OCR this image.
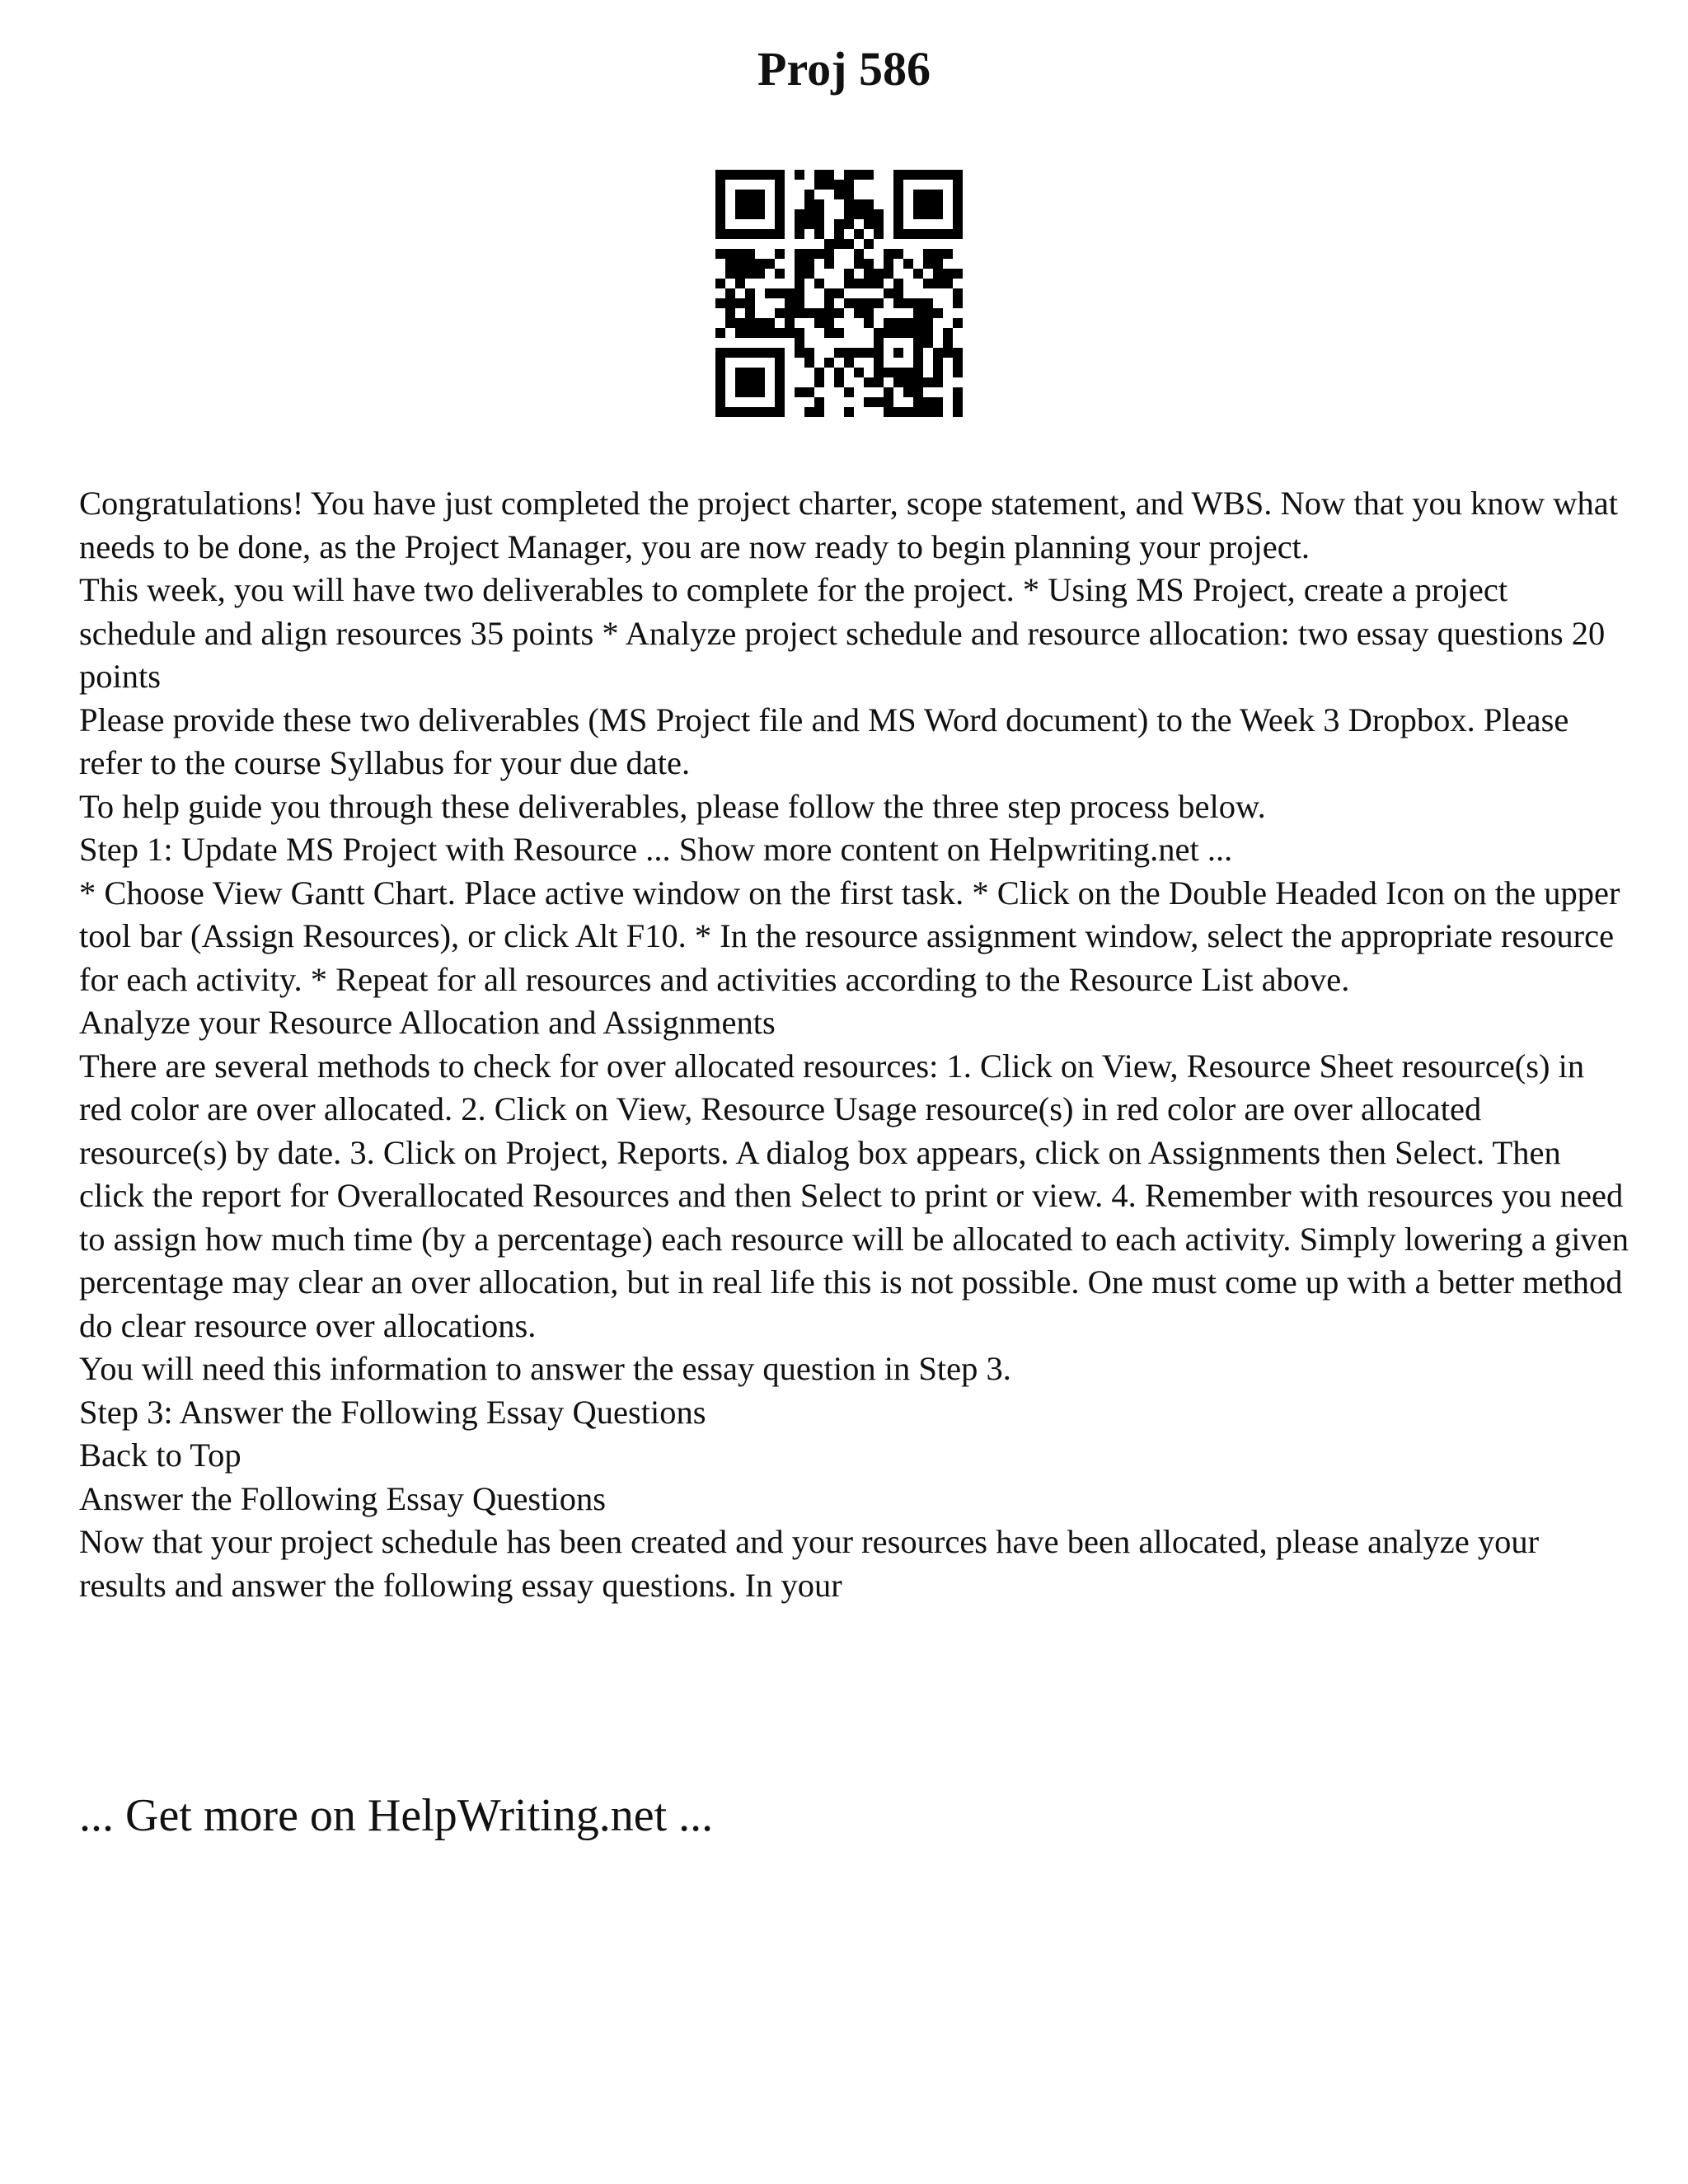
Proj 586

Congratulations! You have just completed the project charter, scope statement, and WBS. Now that you know what needs to be done, as the Project Manager, you are now ready to begin planning your project.

This week, you will have two deliverables to complete for the project. * Using MS Project, create a project schedule and align resources 35 points * Analyze project schedule and resource allocation: two essay questions 20 points

Please provide these two deliverables (MS Project file and MS Word document) to the Week 3 Dropbox. Please refer to the course Syllabus for your due date.

To help guide you through these deliverables, please follow the three step process below.

Step 1: Update MS Project with Resource ... Show more content on Helpwriting.net ...

* Choose View Gantt Chart. Place active window on the first task. * Click on the Double Headed Icon on the upper tool bar (Assign Resources), or click Alt F10. * In the resource assignment window, select the appropriate resource for each activity. * Repeat for all resources and activities according to the Resource List above.

Analyze your Resource Allocation and Assignments

There are several methods to check for over allocated resources: 1. Click on View, Resource Sheet resource(s) in red color are over allocated. 2. Click on View, Resource Usage resource(s) in red color are over allocated resource(s) by date. 3. Click on Project, Reports. A dialog box appears, click on Assignments then Select. Then click the report for Overallocated Resources and then Select to print or view. 4. Remember with resources you need to assign how much time (by a percentage) each resource will be allocated to each activity. Simply lowering a given percentage may clear an over allocation, but in real life this is not possible. One must come up with a better method do clear resource over allocations.

You will need this information to answer the essay question in Step 3.

Step 3: Answer the Following Essay Questions

Back to Top

Answer the Following Essay Questions

Now that your project schedule has been created and your resources have been allocated, please analyze your results and answer the following essay questions. In your

... Get more on HelpWriting.net ...
